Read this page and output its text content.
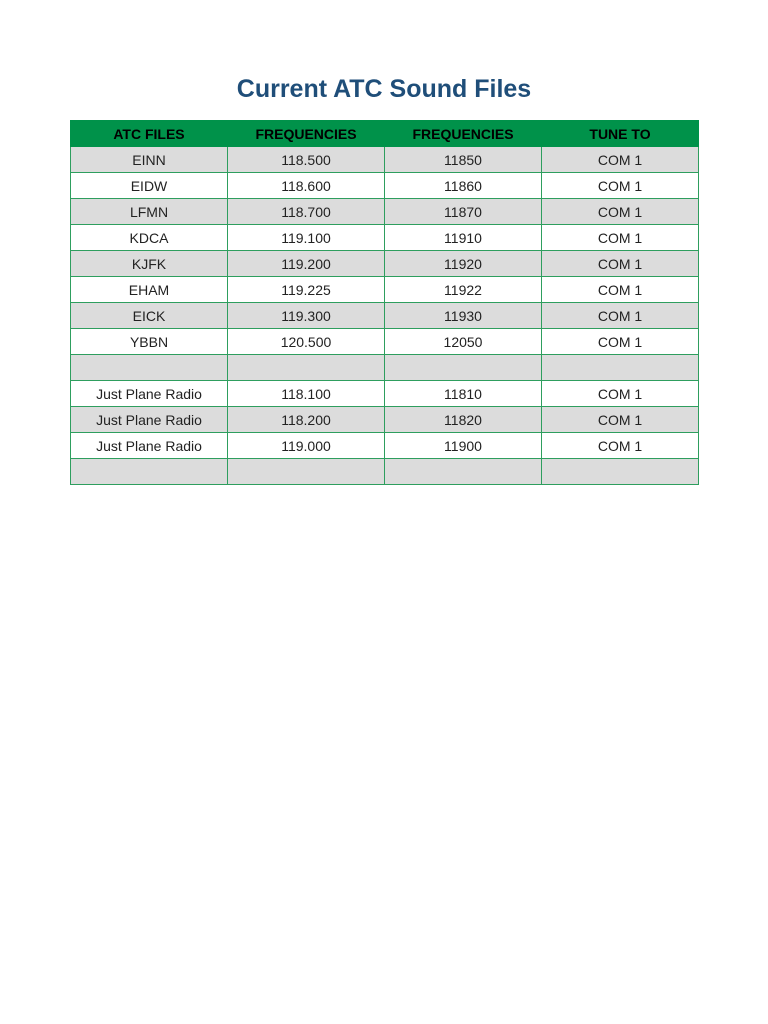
Current ATC Sound Files
ATC FILES	FREQUENCIES	FREQUENCIES	TUNE TO
EINN	118.500	11850	COM 1
EIDW	118.600	11860	COM 1
LFMN	118.700	11870	COM 1
KDCA	119.100	11910	COM 1
KJFK	119.200	11920	COM 1
EHAM	119.225	11922	COM 1
EICK	119.300	11930	COM 1
YBBN	120.500	12050	COM 1

Just Plane Radio	118.100	11810	COM 1
Just Plane Radio	118.200	11820	COM 1
Just Plane Radio	119.000	11900	COM 1
